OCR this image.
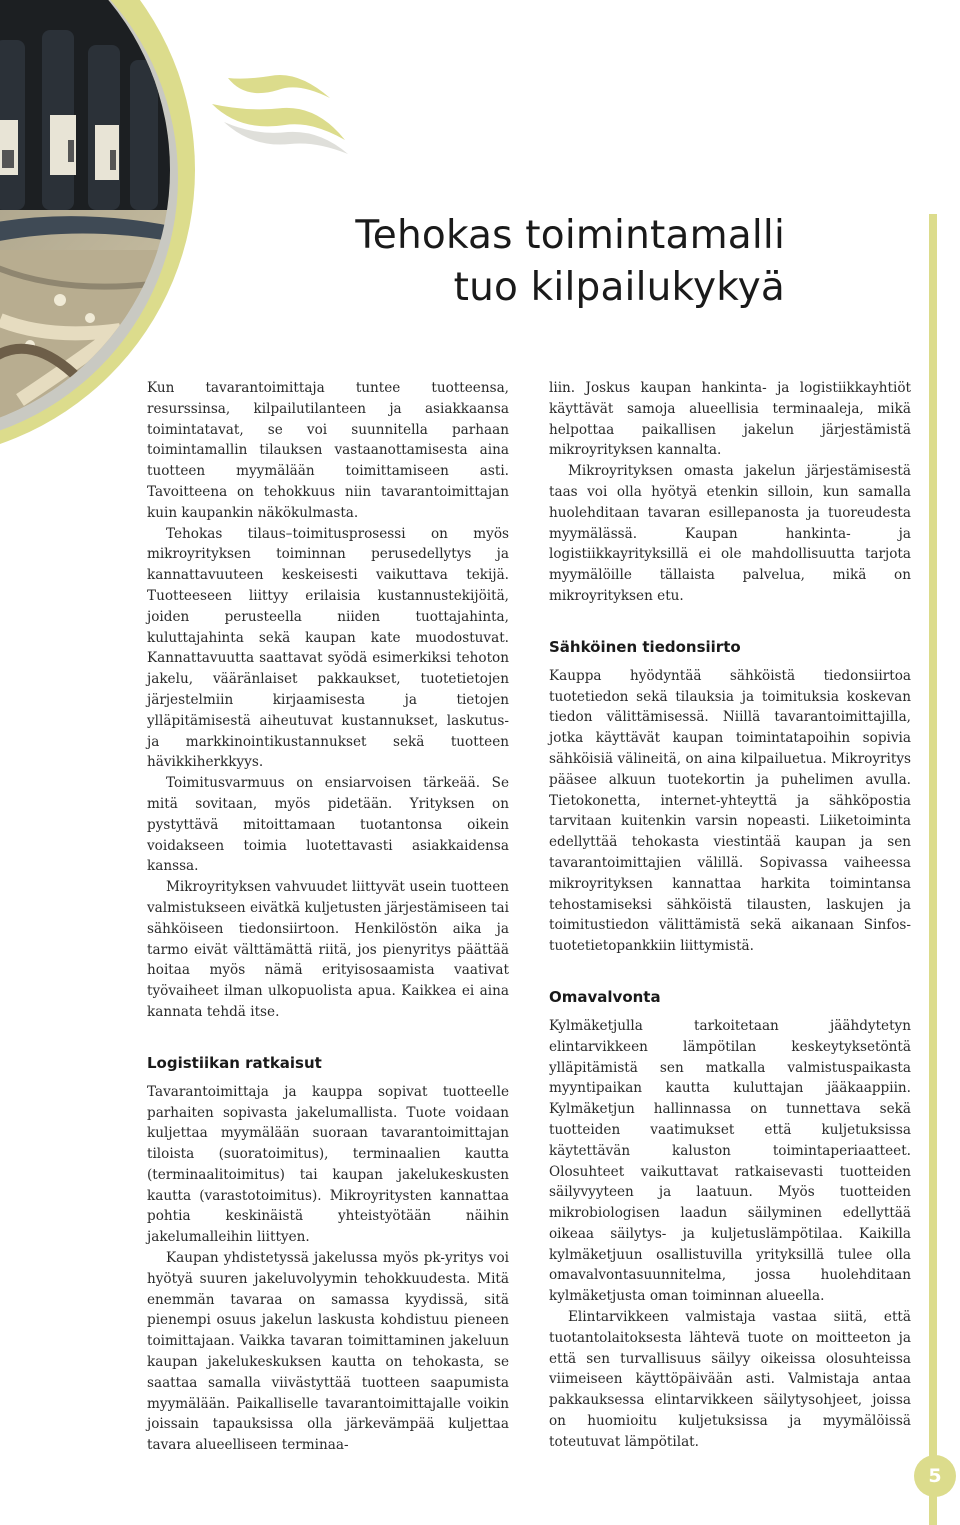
Tehokas toimintamalli
tuo kilpailukykyä

Kun tavarantoimittaja tuntee tuotteensa, resurssinsa, kilpailutilanteen ja asiakkaansa toimintatavat, se voi suunnitella parhaan toimintamallin tilauksen vastaanottamisesta aina tuotteen myymälään toimittamiseen asti. Tavoitteena on tehokkuus niin tavarantoimittajan kuin kaupankin näkökulmasta.

Tehokas tilaus–toimitusprosessi on myös mikroyrityksen toiminnan perusedellytys ja kannattavuuteen keskeisesti vaikuttava tekijä. Tuotteeseen liittyy erilaisia kustannustekijöitä, joiden perusteella niiden tuottajahinta, kuluttajahinta sekä kaupan kate muodostuvat. Kannattavuutta saattavat syödä esimerkiksi tehoton jakelu, vääränlaiset pakkaukset, tuotetietojen järjestelmiin kirjaamisesta ja tietojen ylläpitämisestä aiheutuvat kustannukset, laskutus- ja markkinointikustannukset sekä tuotteen hävikkiherkkyys.

Toimitusvarmuus on ensiarvoisen tärkeää. Se mitä sovitaan, myös pidetään. Yrityksen on pystyttävä mitoittamaan tuotantonsa oikein voidakseen toimia luotettavasti asiakkaidensa kanssa.

Mikroyrityksen vahvuudet liittyvät usein tuotteen valmistukseen eivätkä kuljetusten järjestämiseen tai sähköiseen tiedonsiirtoon. Henkilöstön aika ja tarmo eivät välttämättä riitä, jos pienyritys päättää hoitaa myös nämä erityisosaamista vaativat työvaiheet ilman ulkopuolista apua. Kaikkea ei aina kannata tehdä itse.

Logistiikan ratkaisut

Tavarantoimittaja ja kauppa sopivat tuotteelle parhaiten sopivasta jakelumallista. Tuote voidaan kuljettaa myymälään suoraan tavarantoimittajan tiloista (suoratoimitus), terminaalien kautta (terminaalitoimitus) tai kaupan jakelukeskusten kautta (varastotoimitus). Mikroyritysten kannattaa pohtia keskinäistä yhteistyötään näihin jakelumalleihin liittyen.

Kaupan yhdistetyssä jakelussa myös pk-yritys voi hyötyä suuren jakeluvolyymin tehokkuudesta. Mitä enemmän tavaraa on samassa kyydissä, sitä pienempi osuus jakelun laskusta kohdistuu pieneen toimittajaan. Vaikka tavaran toimittaminen jakeluun kaupan jakelukeskuksen kautta on tehokasta, se saattaa samalla viivästyttää tuotteen saapumista myymälään. Paikalliselle tavarantoimittajalle voikin joissain tapauksissa olla järkevämpää kuljettaa tavara alueelliseen terminaa-

liin. Joskus kaupan hankinta- ja logistiikkayhtiöt käyttävät samoja alueellisia terminaaleja, mikä helpottaa paikallisen jakelun järjestämistä mikroyrityksen kannalta.

Mikroyrityksen omasta jakelun järjestämisestä taas voi olla hyötyä etenkin silloin, kun samalla huolehditaan tavaran esillepanosta ja tuoreudesta myymälässä. Kaupan hankinta- ja logistiikkayrityksillä ei ole mahdollisuutta tarjota myymälöille tällaista palvelua, mikä on mikroyrityksen etu.

Sähköinen tiedonsiirto

Kauppa hyödyntää sähköistä tiedonsiirtoa tuotetiedon sekä tilauksia ja toimituksia koskevan tiedon välittämisessä. Niillä tavarantoimittajilla, jotka käyttävät kaupan toimintatapoihin sopivia sähköisiä välineitä, on aina kilpailuetua. Mikroyritys pääsee alkuun tuotekortin ja puhelimen avulla. Tietokonetta, internet-yhteyttä ja sähköpostia tarvitaan kuitenkin varsin nopeasti. Liiketoiminta edellyttää tehokasta viestintää kaupan ja sen tavarantoimittajien välillä. Sopivassa vaiheessa mikroyrityksen kannattaa harkita toimintansa tehostamiseksi sähköistä tilausten, laskujen ja toimitustiedon välittämistä sekä aikanaan Sinfos-tuotetietopankkiin liittymistä.

Omavalvonta

Kylmäketjulla tarkoitetaan jäähdytetyn elintarvikkeen lämpötilan keskeytyksetöntä ylläpitämistä sen matkalla valmistuspaikasta myyntipaikan kautta kuluttajan jääkaappiin. Kylmäketjun hallinnassa on tunnettava sekä tuotteiden vaatimukset että kuljetuksissa käytettävän kaluston toimintaperiaatteet. Olosuhteet vaikuttavat ratkaisevasti tuotteiden säilyvyyteen ja laatuun. Myös tuotteiden mikrobiologisen laadun säilyminen edellyttää oikeaa säilytys- ja kuljetuslämpötilaa. Kaikilla kylmäketjuun osallistuvilla yrityksillä tulee olla omavalvontasuunnitelma, jossa huolehditaan kylmäketjusta oman toiminnan alueella.

Elintarvikkeen valmistaja vastaa siitä, että tuotantolaitoksesta lähtevä tuote on moitteeton ja että sen turvallisuus säilyy oikeissa olosuhteissa viimeiseen käyttöpäivään asti. Valmistaja antaa pakkauksessa elintarvikkeen säilytysohjeet, joissa on huomioitu kuljetuksissa ja myymälöissä toteutuvat lämpötilat.

5
